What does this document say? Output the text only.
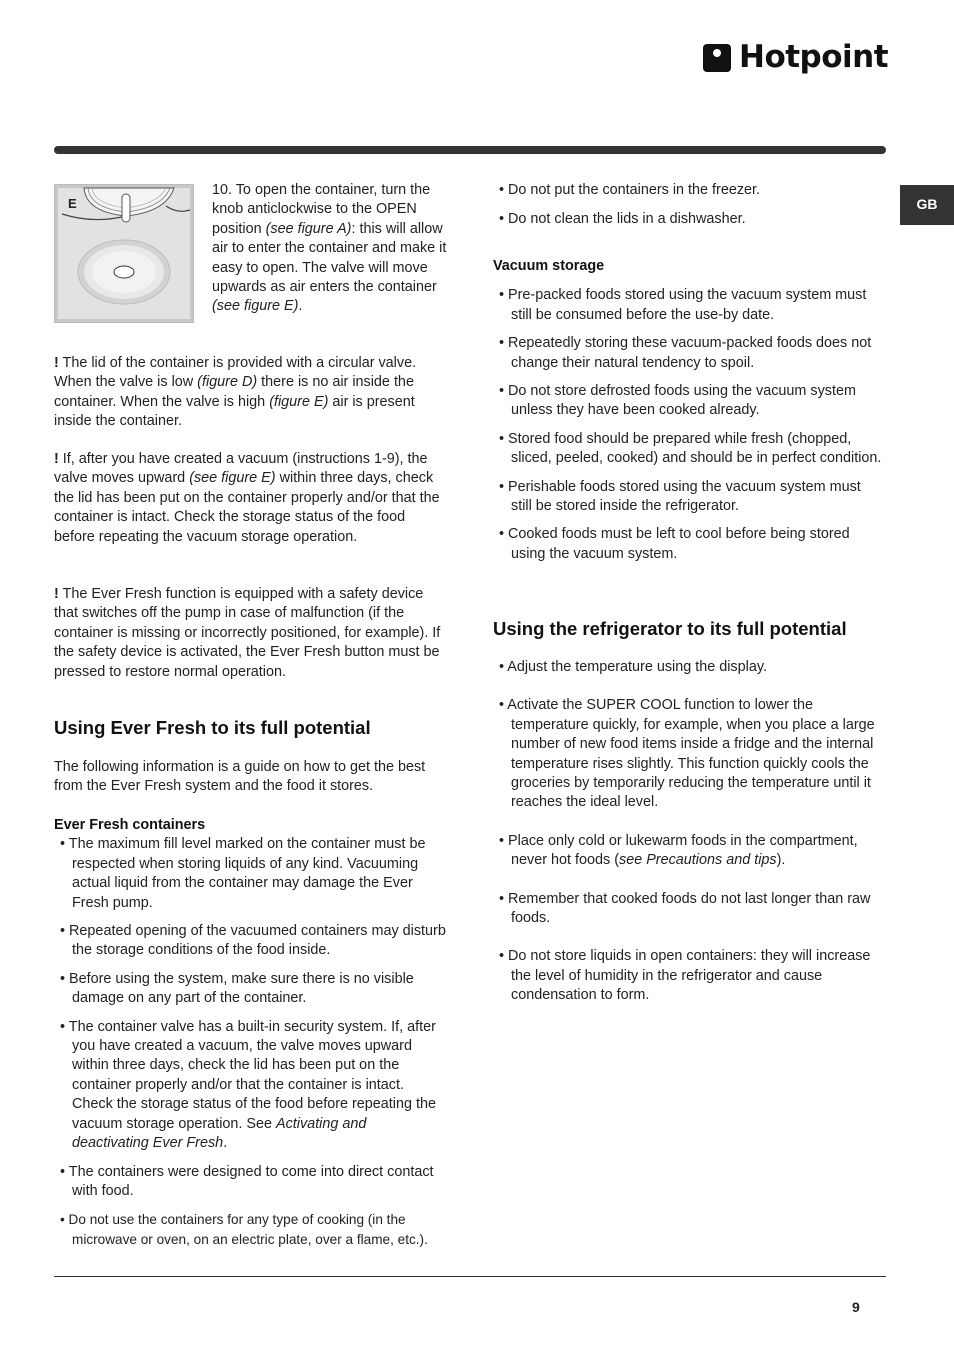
Hotpoint
GB
E

10. To open the container, turn the knob anticlockwise to the OPEN position (see figure A): this will allow air to enter the container and make it easy to open. The valve will move upwards as air enters the container (see figure E).

! The lid of the container is provided with a circular valve. When the valve is low (figure D) there is no air inside the container. When the valve is high (figure E) air is present inside the container.

! If, after you have created a vacuum (instructions 1-9), the valve moves upward (see figure E) within three days, check the lid has been put on the container properly and/or that the container is intact. Check the storage status of the food before repeating the vacuum storage operation.

! The Ever Fresh function is equipped with a safety device that switches off the pump in case of malfunction (if the container is missing or incorrectly positioned, for example). If the safety device is activated, the Ever Fresh button must be pressed to restore normal operation.

Using Ever Fresh to its full potential

The following information is a guide on how to get the best from the Ever Fresh system and the food it stores.

Ever Fresh containers

• The maximum fill level marked on the container must be respected when storing liquids of any kind. Vacuuming actual liquid from the container may damage the Ever Fresh pump.

• Repeated opening of the vacuumed containers may disturb the storage conditions of the food inside.

• Before using the system, make sure there is no visible damage on any part of the container.

• The container valve has a built-in security system. If, after you have created a vacuum, the valve moves upward within three days, check the lid has been put on the container properly and/or that the container is intact. Check the storage status of the food before repeating the vacuum storage operation. See Activating and deactivating Ever Fresh.

• The containers were designed to come into direct contact with food.

• Do not use the containers for any type of cooking (in the microwave or oven, on an electric plate, over a flame, etc.).

• Do not put the containers in the freezer.

• Do not clean the lids in a dishwasher.

Vacuum storage

• Pre-packed foods stored using the vacuum system must still be consumed before the use-by date.

• Repeatedly storing these vacuum-packed foods does not change their natural tendency to spoil.

• Do not store defrosted foods using the vacuum system unless they have been cooked already.

• Stored food should be prepared while fresh (chopped, sliced, peeled, cooked) and should be in perfect condition.

• Perishable foods stored using the vacuum system must still be stored inside the refrigerator.

• Cooked foods must be left to cool before being stored using the vacuum system.

Using the refrigerator to its full potential

• Adjust the temperature using the display.

• Activate the SUPER COOL function to lower the temperature quickly, for example, when you place a large number of new food items inside a fridge and the internal temperature rises slightly. This function quickly cools the groceries by temporarily reducing the temperature until it reaches the ideal level.

• Place only cold or lukewarm foods in the compartment, never hot foods (see Precautions and tips).

• Remember that cooked foods do not last longer than raw foods.

• Do not store liquids in open containers: they will increase the level of humidity in the refrigerator and cause condensation to form.

9
